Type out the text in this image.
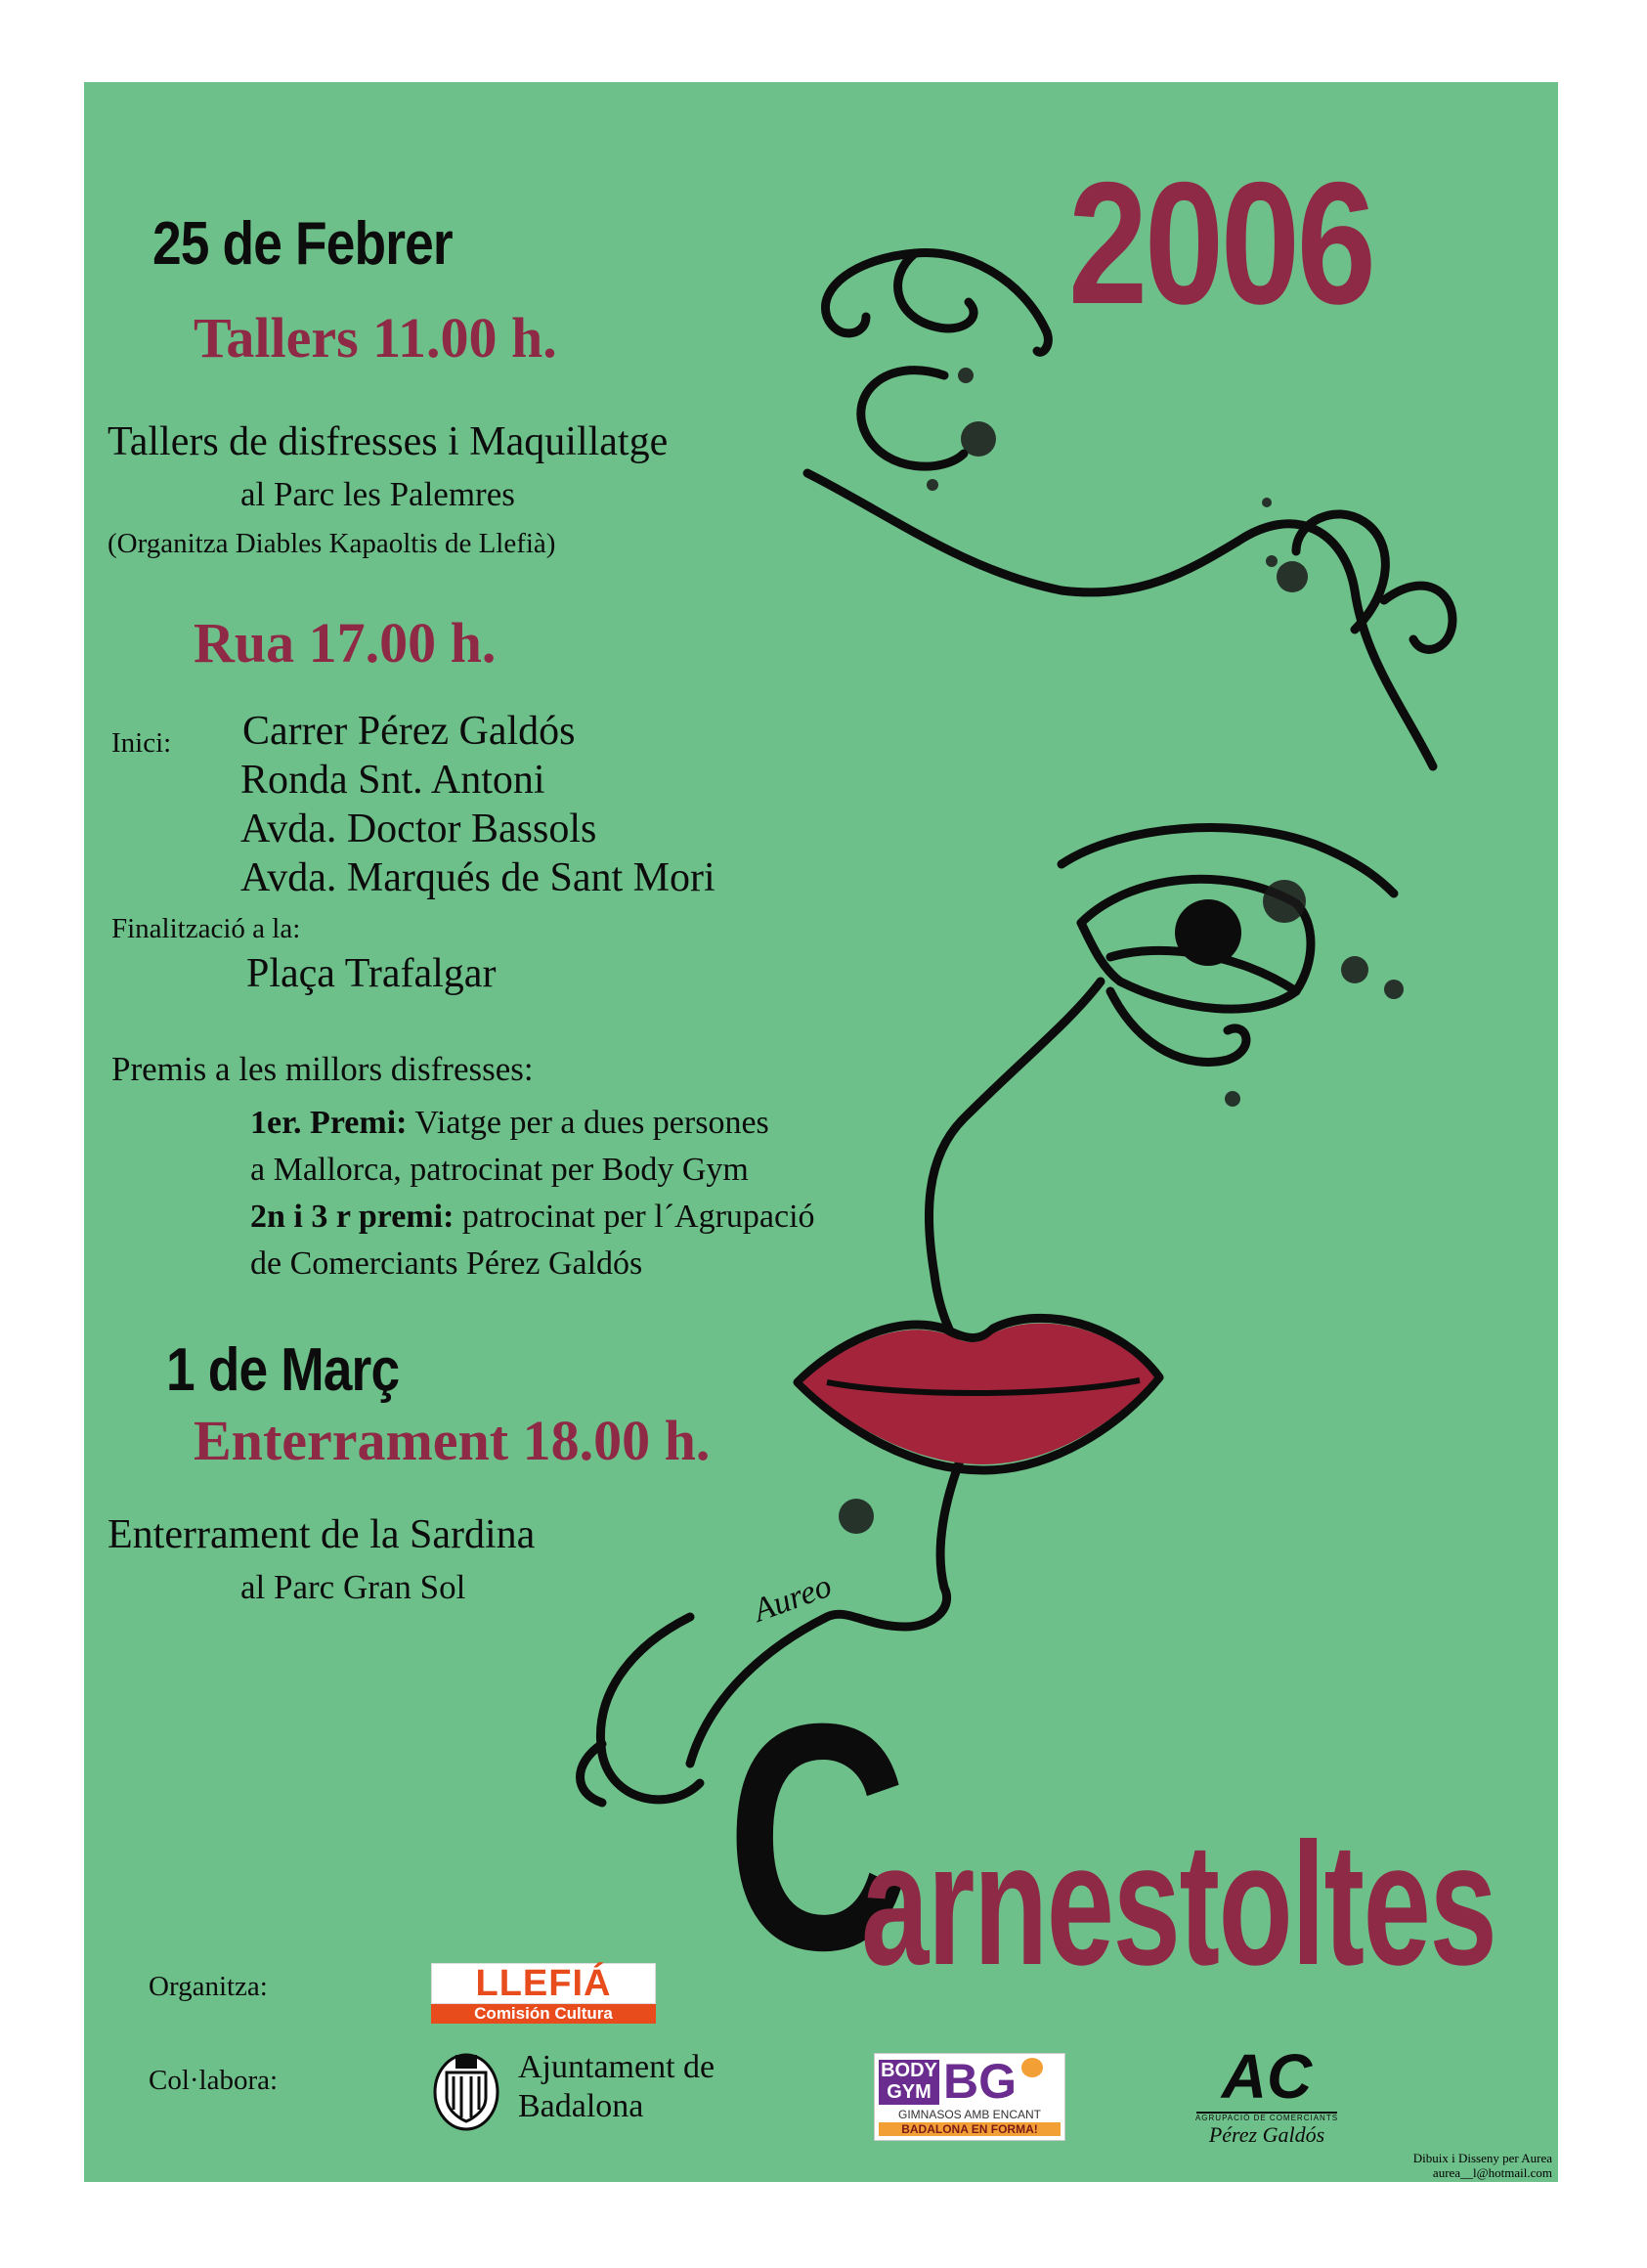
Aureo
2006
25 de Febrer
Tallers 11.00 h.
Tallers de disfresses i Maquillatge
al Parc les Palemres
(Organitza Diables Kapaoltis de Llefià)
Rua 17.00 h.
Inici: Carrer Pérez Galdós
Ronda Snt. Antoni
Avda. Doctor Bassols
Avda. Marqués de Sant Mori
Finalització a la:
Plaça Trafalgar
Premis a les millors disfresses:
1er. Premi: Viatge per a dues persones
a Mallorca, patrocinat per Body Gym
2n i 3 r premi: patrocinat per l´Agrupació
de Comerciants Pérez Galdós
1 de Març
Enterrament 18.00 h.
Enterrament de la Sardina
al Parc Gran Sol
C
arnestoltes
Organitza:	LLEFIÁ
Comisión Cultura
Col·labora:	Ajuntament de
Badalona
BODY
GYM BG
GIMNASOS AMB ENCANT
BADALONA EN FORMA!
AC
AGRUPACIÓ DE COMERCIANTS
Pérez Galdós
Dibuix i Disseny per Aurea
aurea__l@hotmail.com
